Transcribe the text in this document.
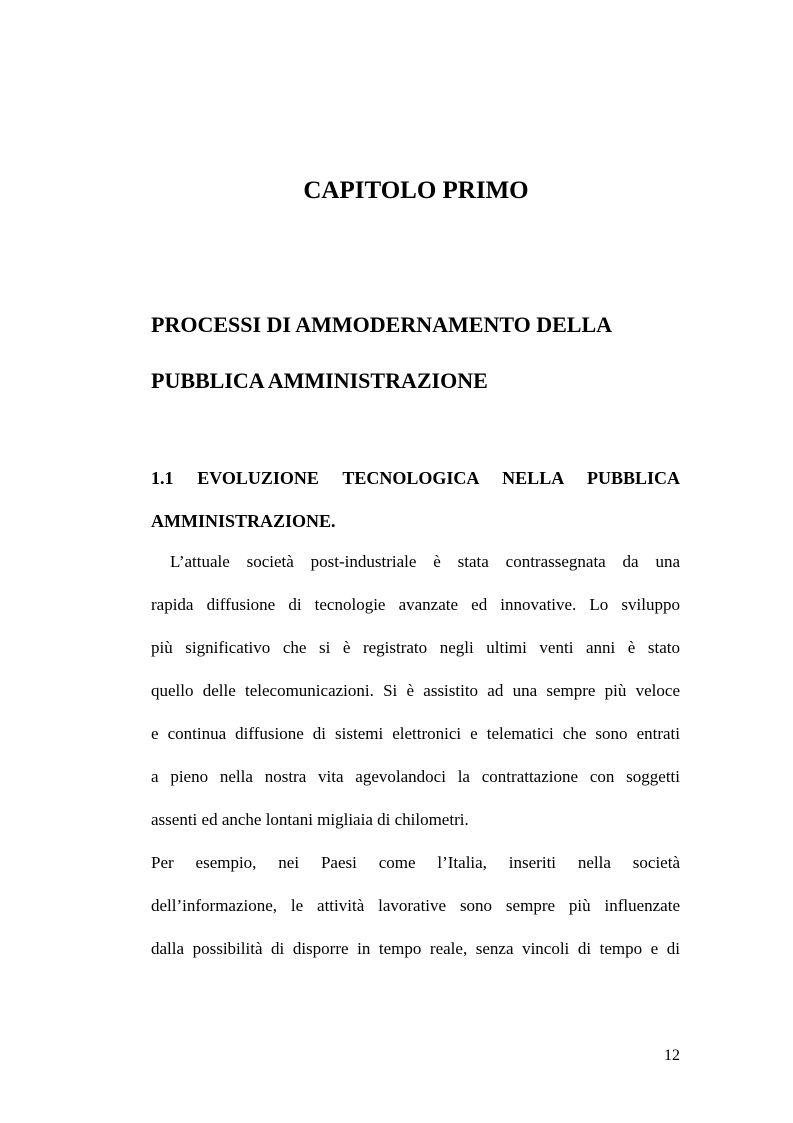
CAPITOLO PRIMO
PROCESSI DI AMMODERNAMENTO DELLA
PUBBLICA AMMINISTRAZIONE
1.1 EVOLUZIONE TECNOLOGICA NELLA PUBBLICA
AMMINISTRAZIONE.
L’attuale società post-industriale è stata contrassegnata da una
rapida diffusione di tecnologie avanzate ed innovative. Lo sviluppo
più significativo che si è registrato negli ultimi venti anni è stato
quello delle telecomunicazioni. Si è assistito ad una sempre più veloce
e continua diffusione di sistemi elettronici e telematici che sono entrati
a pieno nella nostra vita agevolandoci la contrattazione con soggetti
assenti ed anche lontani migliaia di chilometri.
Per esempio, nei Paesi come l’Italia, inseriti nella società
dell’informazione, le attività lavorative sono sempre più influenzate
dalla possibilità di disporre in tempo reale, senza vincoli di tempo e di
12
